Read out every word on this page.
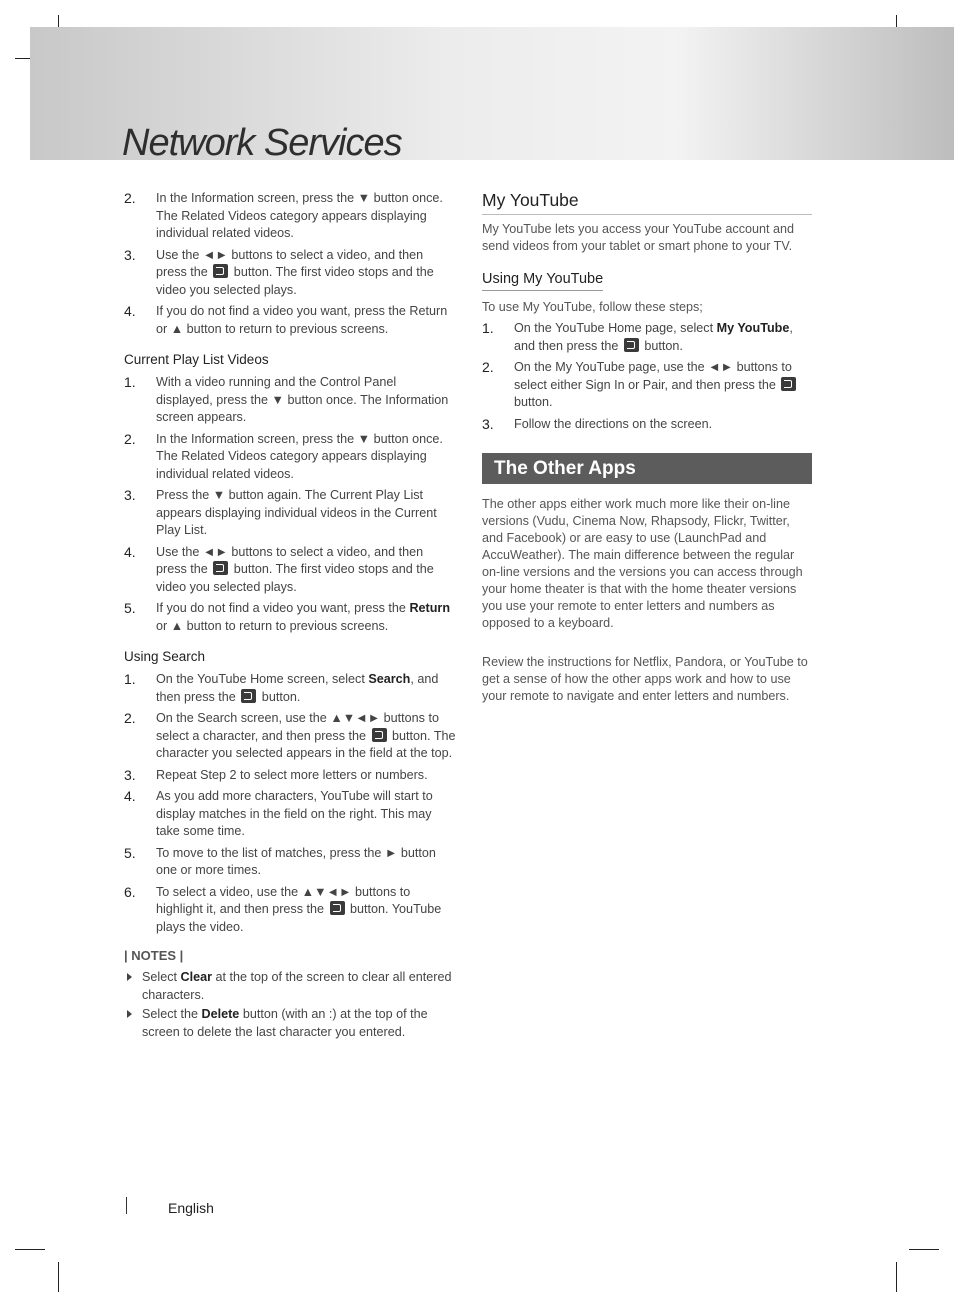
Network Services
2. In the Information screen, press the ▼ button once. The Related Videos category appears displaying individual related videos.
3. Use the ◄► buttons to select a video, and then press the  button. The first video stops and the video you selected plays.
4. If you do not find a video you want, press the Return or ▲ button to return to previous screens.
Current Play List Videos
1. With a video running and the Control Panel displayed, press the ▼ button once. The Information screen appears.
2. In the Information screen, press the ▼ button once. The Related Videos category appears displaying individual related videos.
3. Press the ▼ button again. The Current Play List appears displaying individual videos in the Current Play List.
4. Use the ◄► buttons to select a video, and then press the  button. The first video stops and the video you selected plays.
5. If you do not find a video you want, press the Return or ▲ button to return to previous screens.
Using Search
1. On the YouTube Home screen, select Search, and then press the  button.
2. On the Search screen, use the ▲▼◄► buttons to select a character, and then press the  button. The character you selected appears in the field at the top.
3. Repeat Step 2 to select more letters or numbers.
4. As you add more characters, YouTube will start to display matches in the field on the right. This may take some time.
5. To move to the list of matches, press the ► button one or more times.
6. To select a video, use the ▲▼◄► buttons to highlight it, and then press the  button. YouTube plays the video.
| NOTES |
Select Clear at the top of the screen to clear all entered characters.
Select the Delete button (with an :) at the top of the screen to delete the last character you entered.
My YouTube

My YouTube lets you access your YouTube account and send videos from your tablet or smart phone to your TV.

Using My YouTube

To use My YouTube, follow these steps;

1. On the YouTube Home page, select My YouTube, and then press the  button.
2. On the My YouTube page, use the ◄► buttons to select either Sign In or Pair, and then press the  button.
3. Follow the directions on the screen.
The Other Apps

The other apps either work much more like their on-line versions (Vudu, Cinema Now, Rhapsody, Flickr, Twitter, and Facebook) or are easy to use (LaunchPad and AccuWeather). The main difference between the regular on-line versions and the versions you can access through your home theater is that with the home theater versions you use your remote to enter letters and numbers as opposed to a keyboard.

Review the instructions for Netflix, Pandora, or YouTube to get a sense of how the other apps work and how to use your remote to navigate and enter letters and numbers.

English
